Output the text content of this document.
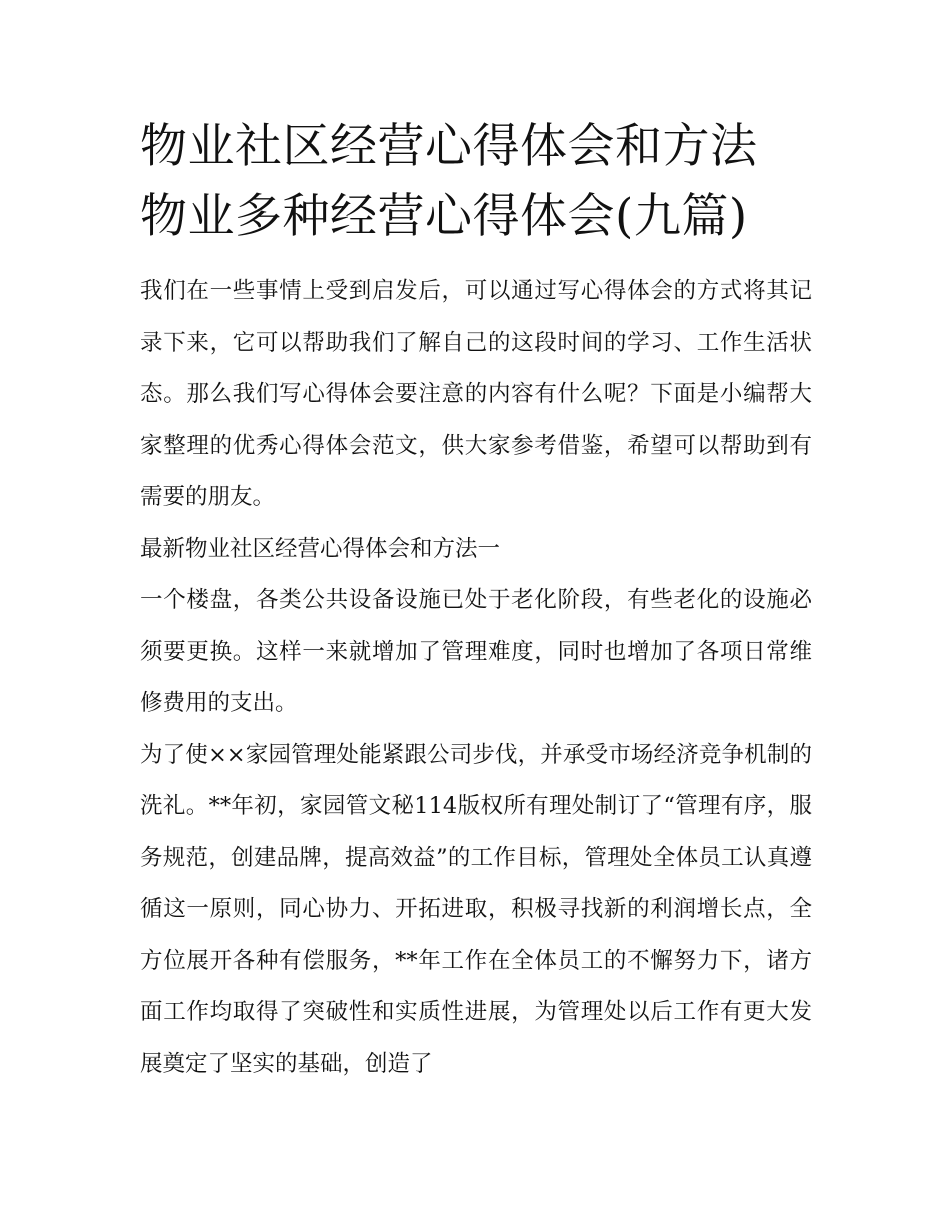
物业社区经营心得体会和方法
物业多种经营心得体会(九篇)

我们在一些事情上受到启发后，可以通过写心得体会的方式将其记录下来，它可以帮助我们了解自己的这段时间的学习、工作生活状态。那么我们写心得体会要注意的内容有什么呢？下面是小编帮大家整理的优秀心得体会范文，供大家参考借鉴，希望可以帮助到有需要的朋友。

最新物业社区经营心得体会和方法一

一个楼盘，各类公共设备设施已处于老化阶段，有些老化的设施必须要更换。这样一来就增加了管理难度，同时也增加了各项日常维修费用的支出。

为了使××家园管理处能紧跟公司步伐，并承受市场经济竞争机制的洗礼。**年初，家园管文秘114版权所有理处制订了“管理有序，服务规范，创建品牌，提高效益”的工作目标，管理处全体员工认真遵循这一原则，同心协力、开拓进取，积极寻找新的利润增长点，全方位展开各种有偿服务，**年工作在全体员工的不懈努力下，诸方面工作均取得了突破性和实质性进展，为管理处以后工作有更大发展奠定了坚实的基础，创造了
